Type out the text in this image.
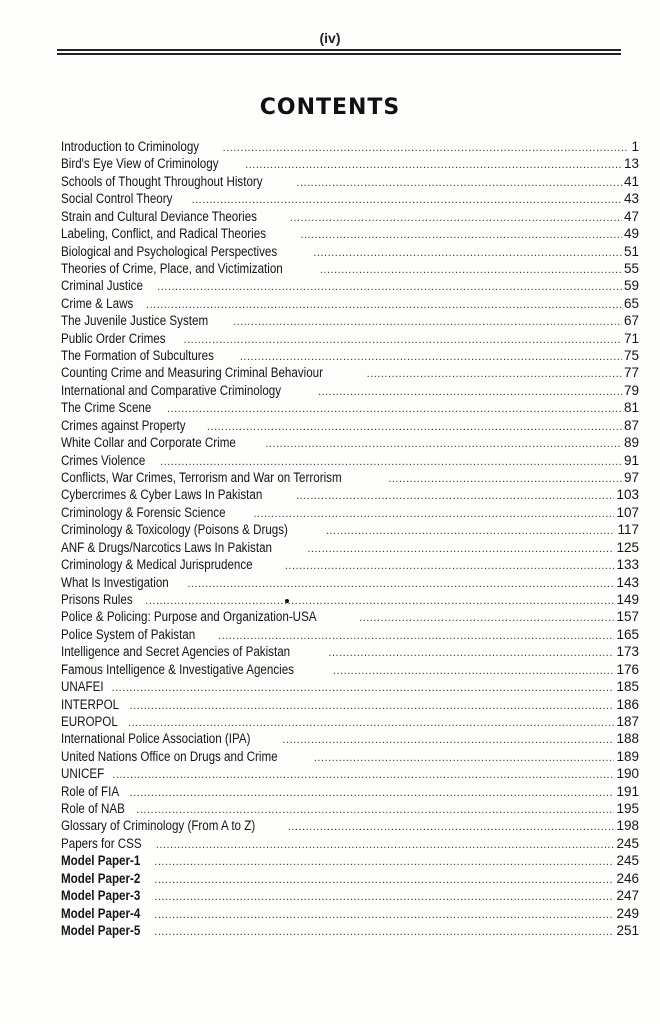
(iv)
CONTENTS
Introduction to Criminology .....	1
Bird's Eye View of Criminology .....	13
Schools of Thought Throughout History .....	41
Social Control Theory .....	43
Strain and Cultural Deviance Theories .....	47
Labeling, Conflict, and Radical Theories .....	49
Biological and Psychological Perspectives .....	51
Theories of Crime, Place, and Victimization .....	55
Criminal Justice .....	59
Crime & Laws .....	65
The Juvenile Justice System .....	67
Public Order Crimes .....	71
The Formation of Subcultures .....	75
Counting Crime and Measuring Criminal Behaviour .....	77
International and Comparative Criminology .....	79
The Crime Scene .....	81
Crimes against Property .....	87
White Collar and Corporate Crime .....	89
Crimes Violence .....	91
Conflicts, War Crimes, Terrorism and War on Terrorism .....	97
Cybercrimes & Cyber Laws In Pakistan .....	103
Criminology & Forensic Science .....	107
Criminology & Toxicology (Poisons & Drugs) .....	117
ANF & Drugs/Narcotics Laws In Pakistan .....	125
Criminology & Medical Jurisprudence .....	133
What Is Investigation .....	143
Prisons Rules .....	149
Police & Policing: Purpose and Organization-USA .....	157
Police System of Pakistan .....	165
Intelligence and Secret Agencies of Pakistan .....	173
Famous Intelligence & Investigative Agencies .....	176
UNAFEI .....	185
INTERPOL .....	186
EUROPOL .....	187
International Police Association (IPA) .....	188
United Nations Office on Drugs and Crime .....	189
UNICEF .....	190
Role of FIA .....	191
Role of NAB .....	195
Glossary of Criminology (From A to Z) .....	198
Papers for CSS .....	245
Model Paper-1 .....	245
Model Paper-2 .....	246
Model Paper-3 .....	247
Model Paper-4 .....	249
Model Paper-5 .....	251
